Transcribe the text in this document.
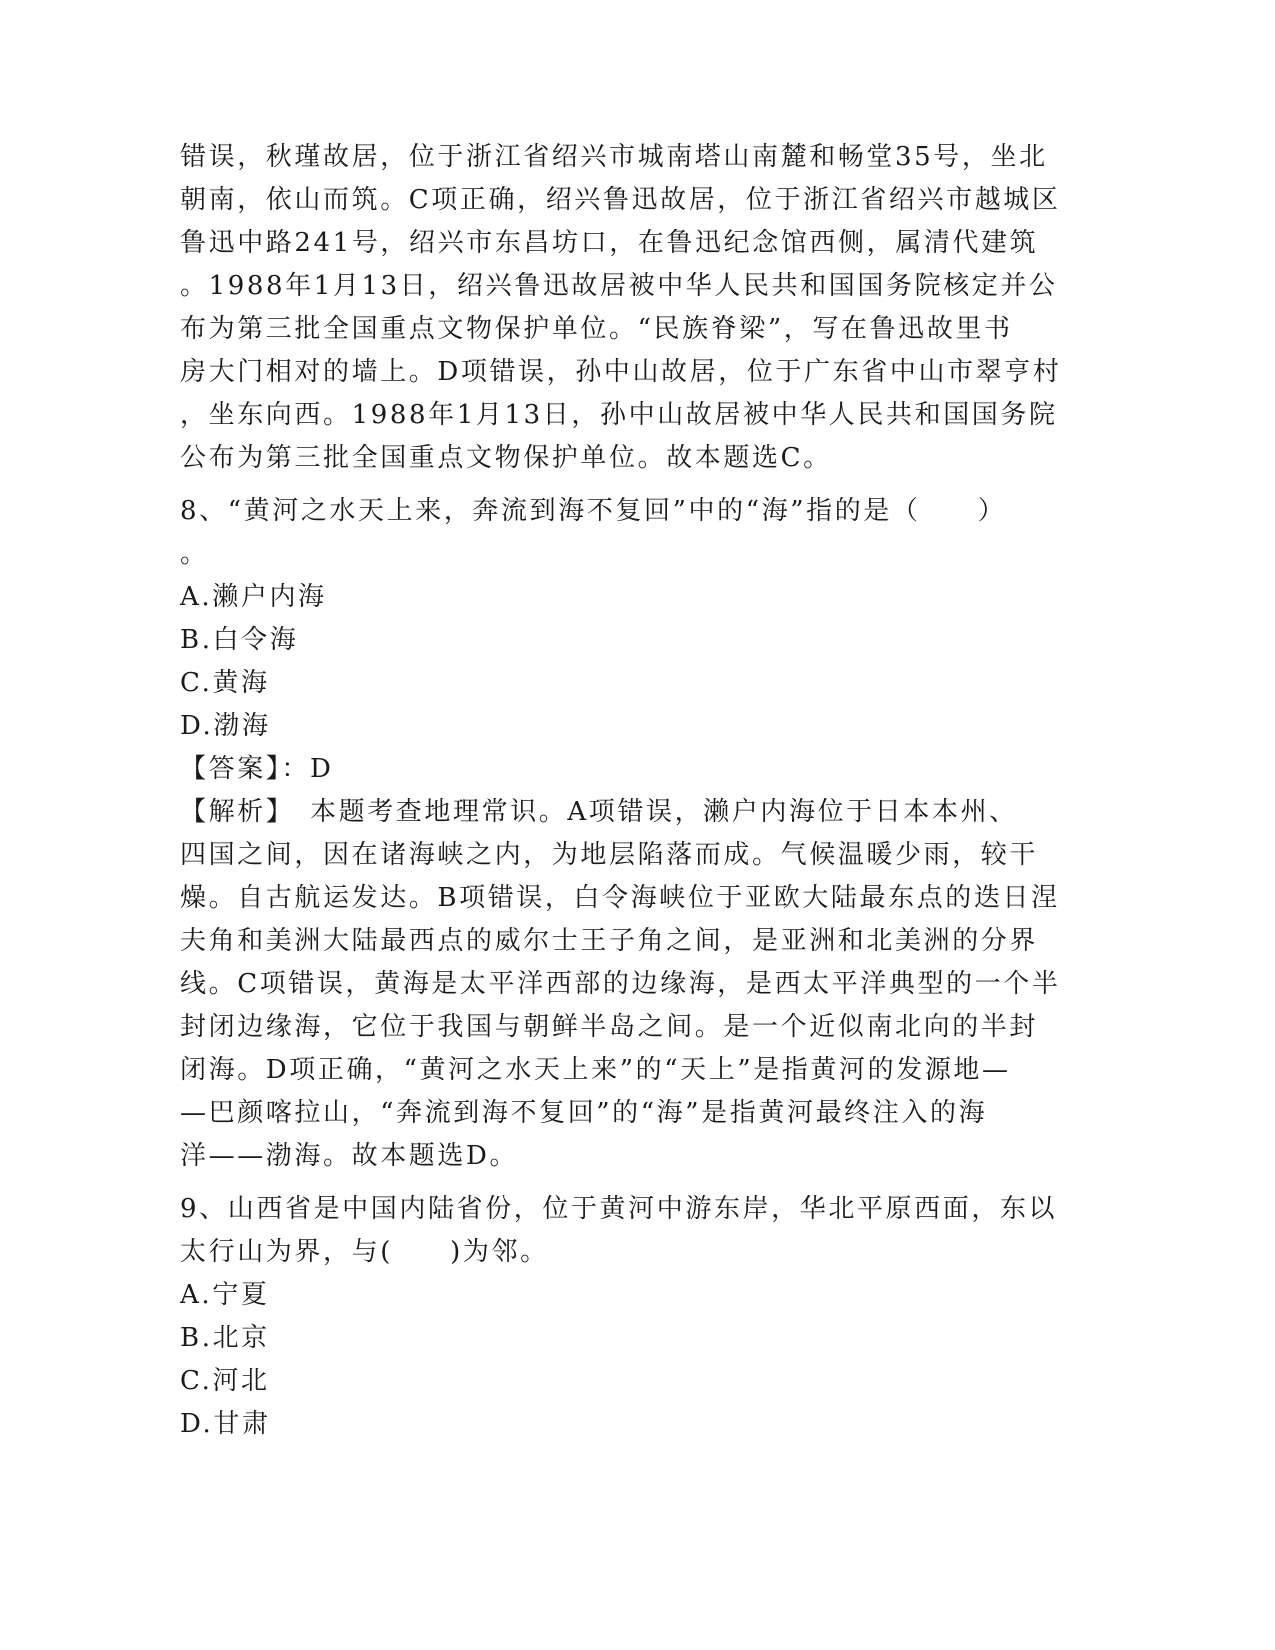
错误，秋瑾故居，位于浙江省绍兴市城南塔山南麓和畅堂35号，坐北
朝南，依山而筑。C项正确，绍兴鲁迅故居，位于浙江省绍兴市越城区
鲁迅中路241号，绍兴市东昌坊口，在鲁迅纪念馆西侧，属清代建筑
。1988年1月13日，绍兴鲁迅故居被中华人民共和国国务院核定并公
布为第三批全国重点文物保护单位。“民族脊梁”，写在鲁迅故里书
房大门相对的墙上。D项错误，孙中山故居，位于广东省中山市翠亨村
，坐东向西。1988年1月13日，孙中山故居被中华人民共和国国务院
公布为第三批全国重点文物保护单位。故本题选C。
8、“黄河之水天上来，奔流到海不复回”中的“海”指的是（　　）
。
A.濑户内海
B.白令海
C.黄海
D.渤海
【答案】：D
【解析】　本题考查地理常识。A项错误，濑户内海位于日本本州、
四国之间，因在诸海峡之内，为地层陷落而成。气候温暖少雨，较干
燥。自古航运发达。B项错误，白令海峡位于亚欧大陆最东点的迭日涅
夫角和美洲大陆最西点的威尔士王子角之间，是亚洲和北美洲的分界
线。C项错误，黄海是太平洋西部的边缘海，是西太平洋典型的一个半
封闭边缘海，它位于我国与朝鲜半岛之间。是一个近似南北向的半封
闭海。D项正确，“黄河之水天上来”的“天上”是指黄河的发源地—
—巴颜喀拉山，“奔流到海不复回”的“海”是指黄河最终注入的海
洋——渤海。故本题选D。
9、山西省是中国内陆省份，位于黄河中游东岸，华北平原西面，东以
太行山为界，与(　　)为邻。
A.宁夏
B.北京
C.河北
D.甘肃
